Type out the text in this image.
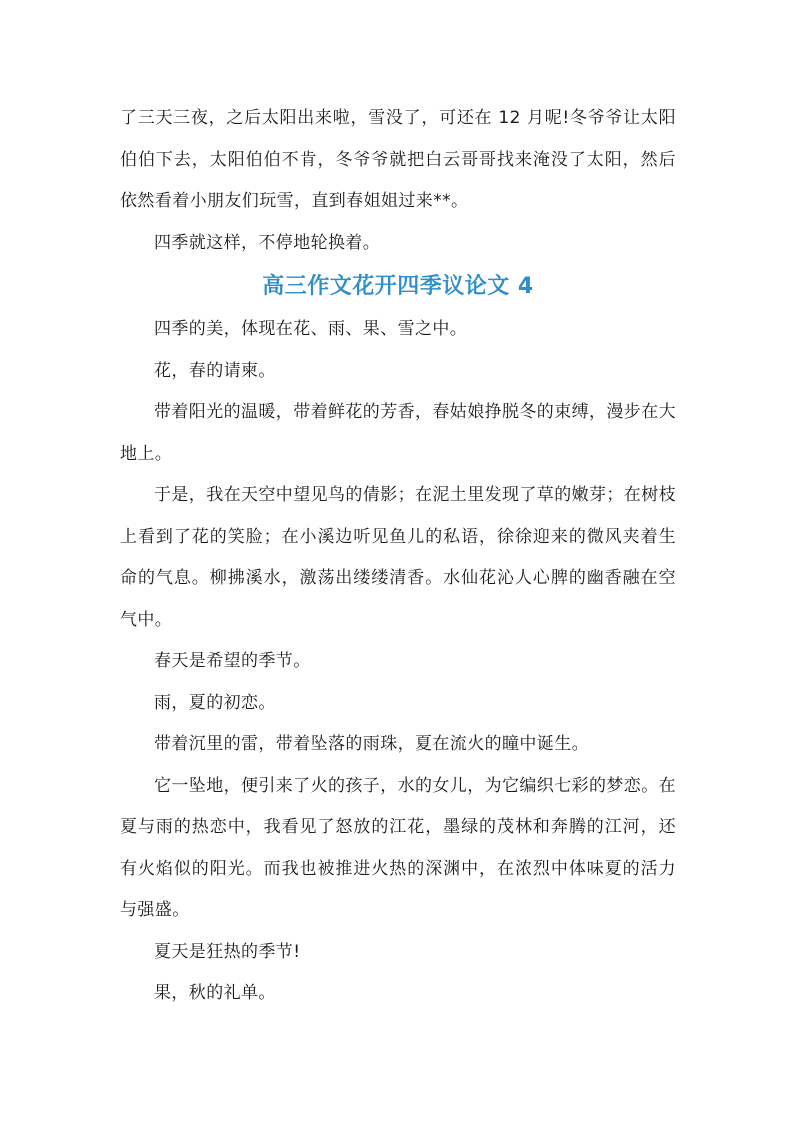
了三天三夜，之后太阳出来啦，雪没了，可还在 12 月呢!冬爷爷让太阳伯伯下去，太阳伯伯不肯，冬爷爷就把白云哥哥找来淹没了太阳，然后依然看着小朋友们玩雪，直到春姐姐过来**。

四季就这样，不停地轮换着。

高三作文花开四季议论文 4

四季的美，体现在花、雨、果、雪之中。

花，春的请柬。

带着阳光的温暖，带着鲜花的芳香，春姑娘挣脱冬的束缚，漫步在大地上。

于是，我在天空中望见鸟的倩影；在泥土里发现了草的嫩芽；在树枝上看到了花的笑脸；在小溪边听见鱼儿的私语，徐徐迎来的微风夹着生命的气息。柳拂溪水，激荡出缕缕清香。水仙花沁人心脾的幽香融在空气中。

春天是希望的季节。

雨，夏的初恋。

带着沉里的雷，带着坠落的雨珠，夏在流火的瞳中诞生。

它一坠地，便引来了火的孩子，水的女儿，为它编织七彩的梦恋。在夏与雨的热恋中，我看见了怒放的江花，墨绿的茂林和奔腾的江河，还有火焰似的阳光。而我也被推进火热的深渊中，在浓烈中体味夏的活力与强盛。

夏天是狂热的季节!

果，秋的礼单。
